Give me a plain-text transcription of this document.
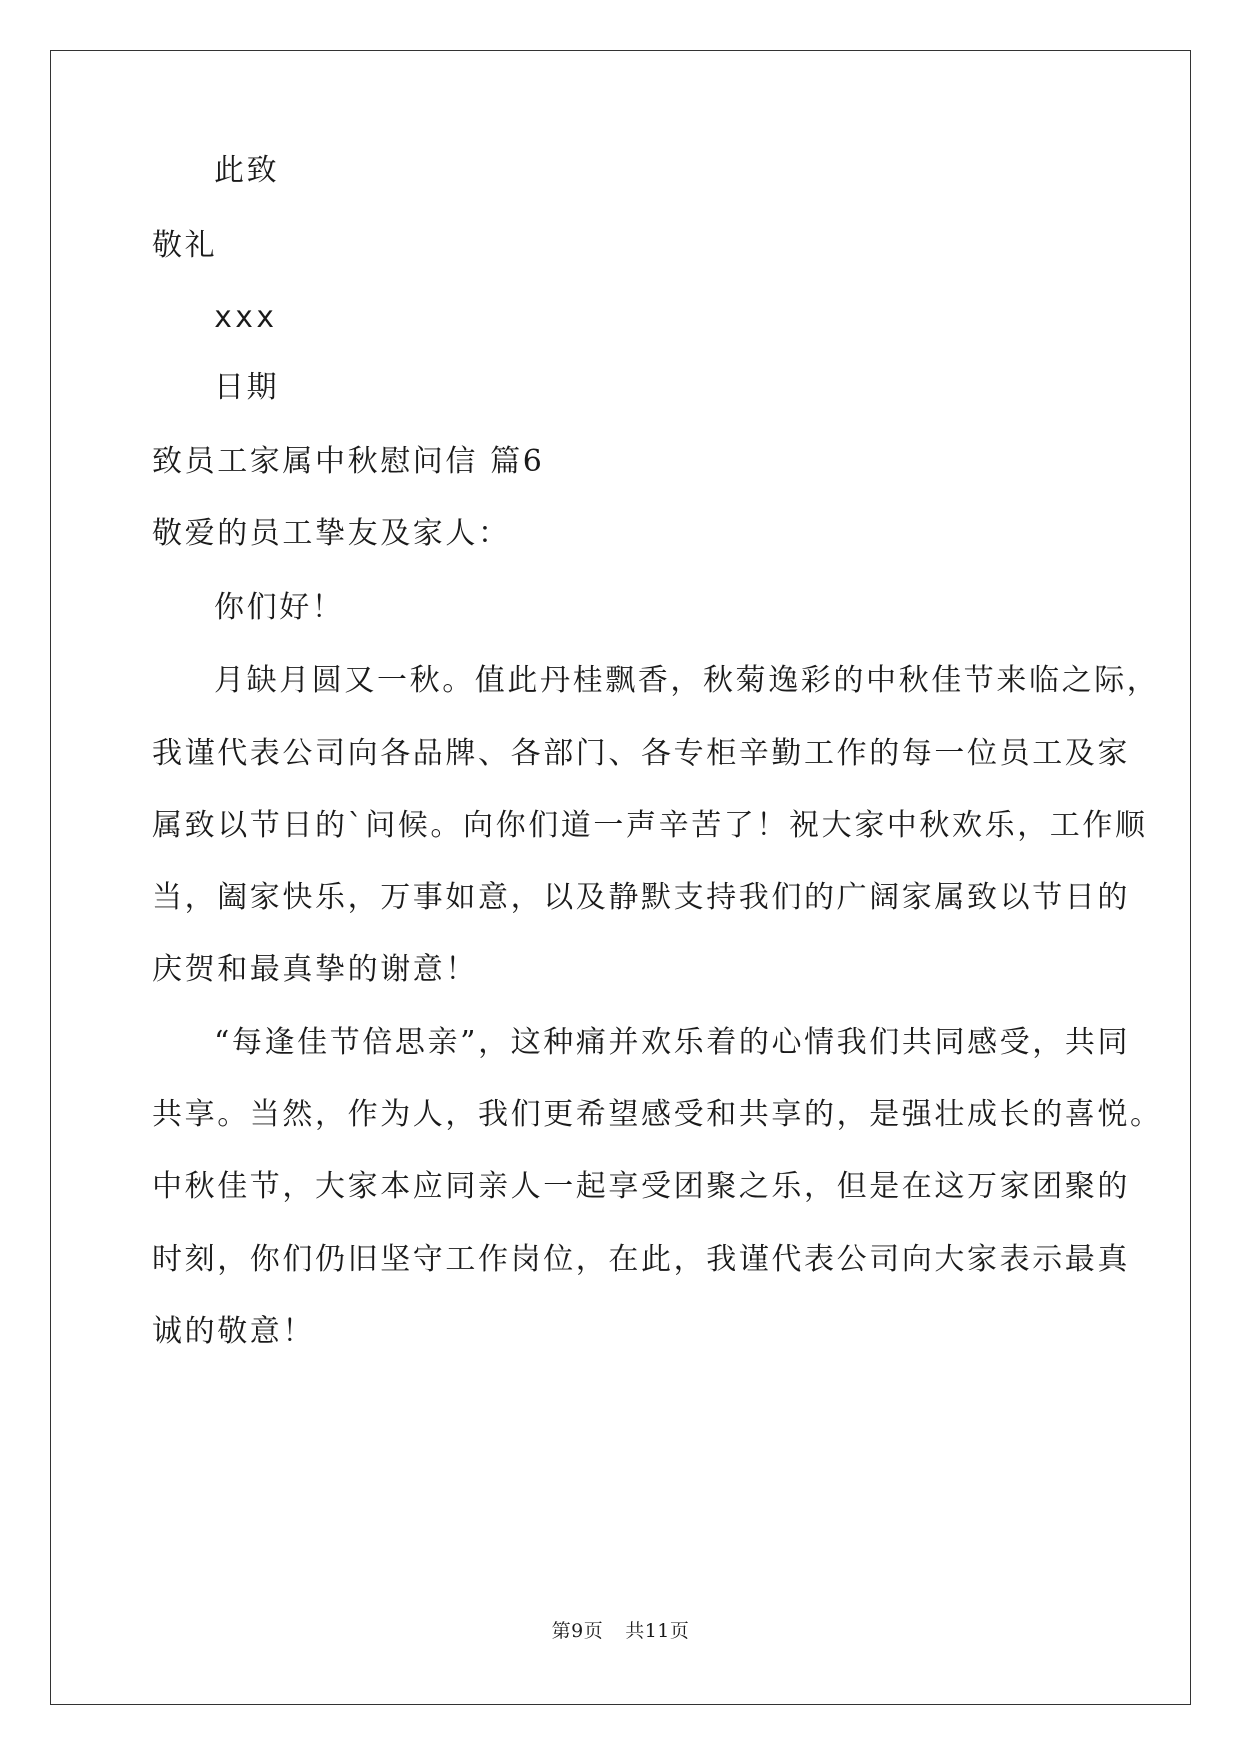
此致
敬礼
xxx
日期
致员工家属中秋慰问信 篇6
敬爱的员工挚友及家人：
你们好！
月缺月圆又一秋。值此丹桂飘香，秋菊逸彩的中秋佳节来临之际，
我谨代表公司向各品牌、各部门、各专柜辛勤工作的每一位员工及家
属致以节日的`问候。向你们道一声辛苦了！祝大家中秋欢乐，工作顺
当，阖家快乐，万事如意，以及静默支持我们的广阔家属致以节日的
庆贺和最真挚的谢意！
“每逢佳节倍思亲”，这种痛并欢乐着的心情我们共同感受，共同
共享。当然，作为人，我们更希望感受和共享的，是强壮成长的喜悦。
中秋佳节，大家本应同亲人一起享受团聚之乐，但是在这万家团聚的
时刻，你们仍旧坚守工作岗位，在此，我谨代表公司向大家表示最真
诚的敬意！
第9页 共11页
